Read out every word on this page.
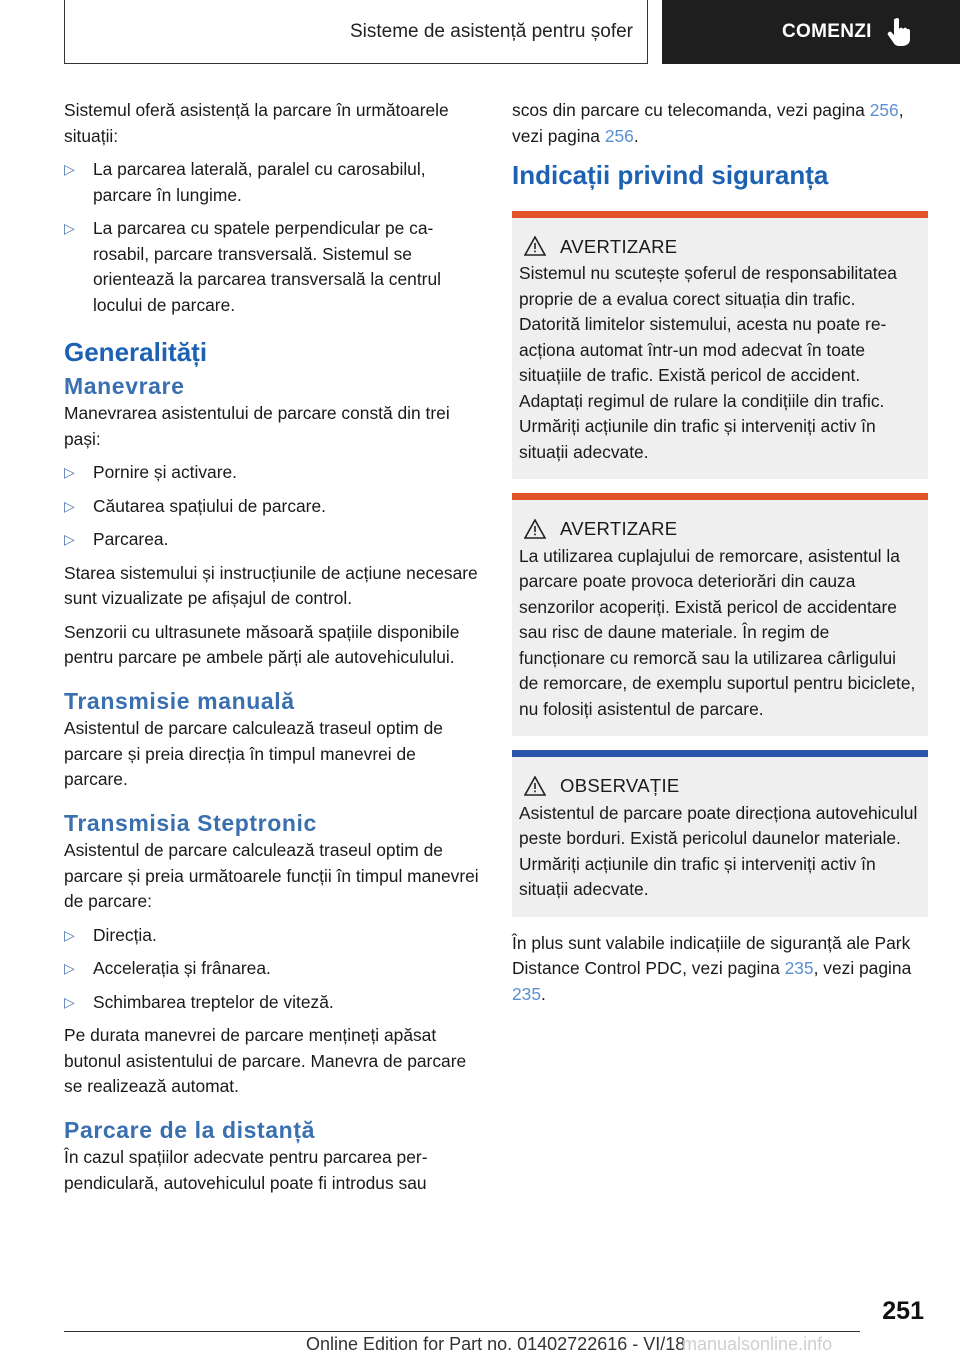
Sisteme de asistență pentru șofer	COMENZI

Sistemul oferă asistență la parcare în următoarele situații:

▷ La parcarea laterală, paralel cu carosabilul, parcare în lungime.
▷ La parcarea cu spatele perpendicular pe carosabil, parcare transversală. Sistemul se orientează la parcarea transversală la centrul locului de parcare.
Generalități
Manevrare

Manevrarea asistentului de parcare constă din trei pași:

▷ Pornire și activare.
▷ Căutarea spațiului de parcare.
▷ Parcarea.

Starea sistemului și instrucțiunile de acțiune necesare sunt vizualizate pe afișajul de control.

Senzorii cu ultrasunete măsoară spațiile disponibile pentru parcare pe ambele părți ale autovehiculului.

Transmisie manuală

Asistentul de parcare calculează traseul optim de parcare și preia direcția în timpul manevrei de parcare.

Transmisia Steptronic

Asistentul de parcare calculează traseul optim de parcare și preia următoarele funcții în timpul manevrei de parcare:

▷ Direcția.
▷ Accelerația și frânarea.
▷ Schimbarea treptelor de viteză.

Pe durata manevrei de parcare mențineți apăsat butonul asistentului de parcare. Manevra de parcare se realizează automat.

Parcare de la distanță

În cazul spațiilor adecvate pentru parcarea perpendiculară, autovehiculul poate fi introdus sau

scos din parcare cu telecomanda, vezi pagina 256, vezi pagina 256.

Indicații privind siguranța
AVERTIZARE
Sistemul nu scutește șoferul de responsabilitatea proprie de a evalua corect situația din trafic. Datorită limitelor sistemului, acesta nu poate reacționa automat într-un mod adecvat în toate situațiile de trafic. Există pericol de accident. Adaptați regimul de rulare la condițiile din trafic. Urmăriți acțiunile din trafic și interveniți activ în situații adecvate.
AVERTIZARE
La utilizarea cuplajului de remorcare, asistentul la parcare poate provoca deteriorări din cauza senzorilor acoperiți. Există pericol de accidentare sau risc de daune materiale. În regim de funcționare cu remorcă sau la utilizarea cârligului de remorcare, de exemplu suportul pentru biciclete, nu folosiți asistentul de parcare.
OBSERVAȚIE
Asistentul de parcare poate direcționa autovehiculul peste borduri. Există pericolul daunelor materiale. Urmăriți acțiunile din trafic și interveniți activ în situații adecvate.

În plus sunt valabile indicațiile de siguranță ale Park Distance Control PDC, vezi pagina 235, vezi pagina 235.

251
Online Edition for Part no. 01402722616 - VI/18
manualsonline.info
